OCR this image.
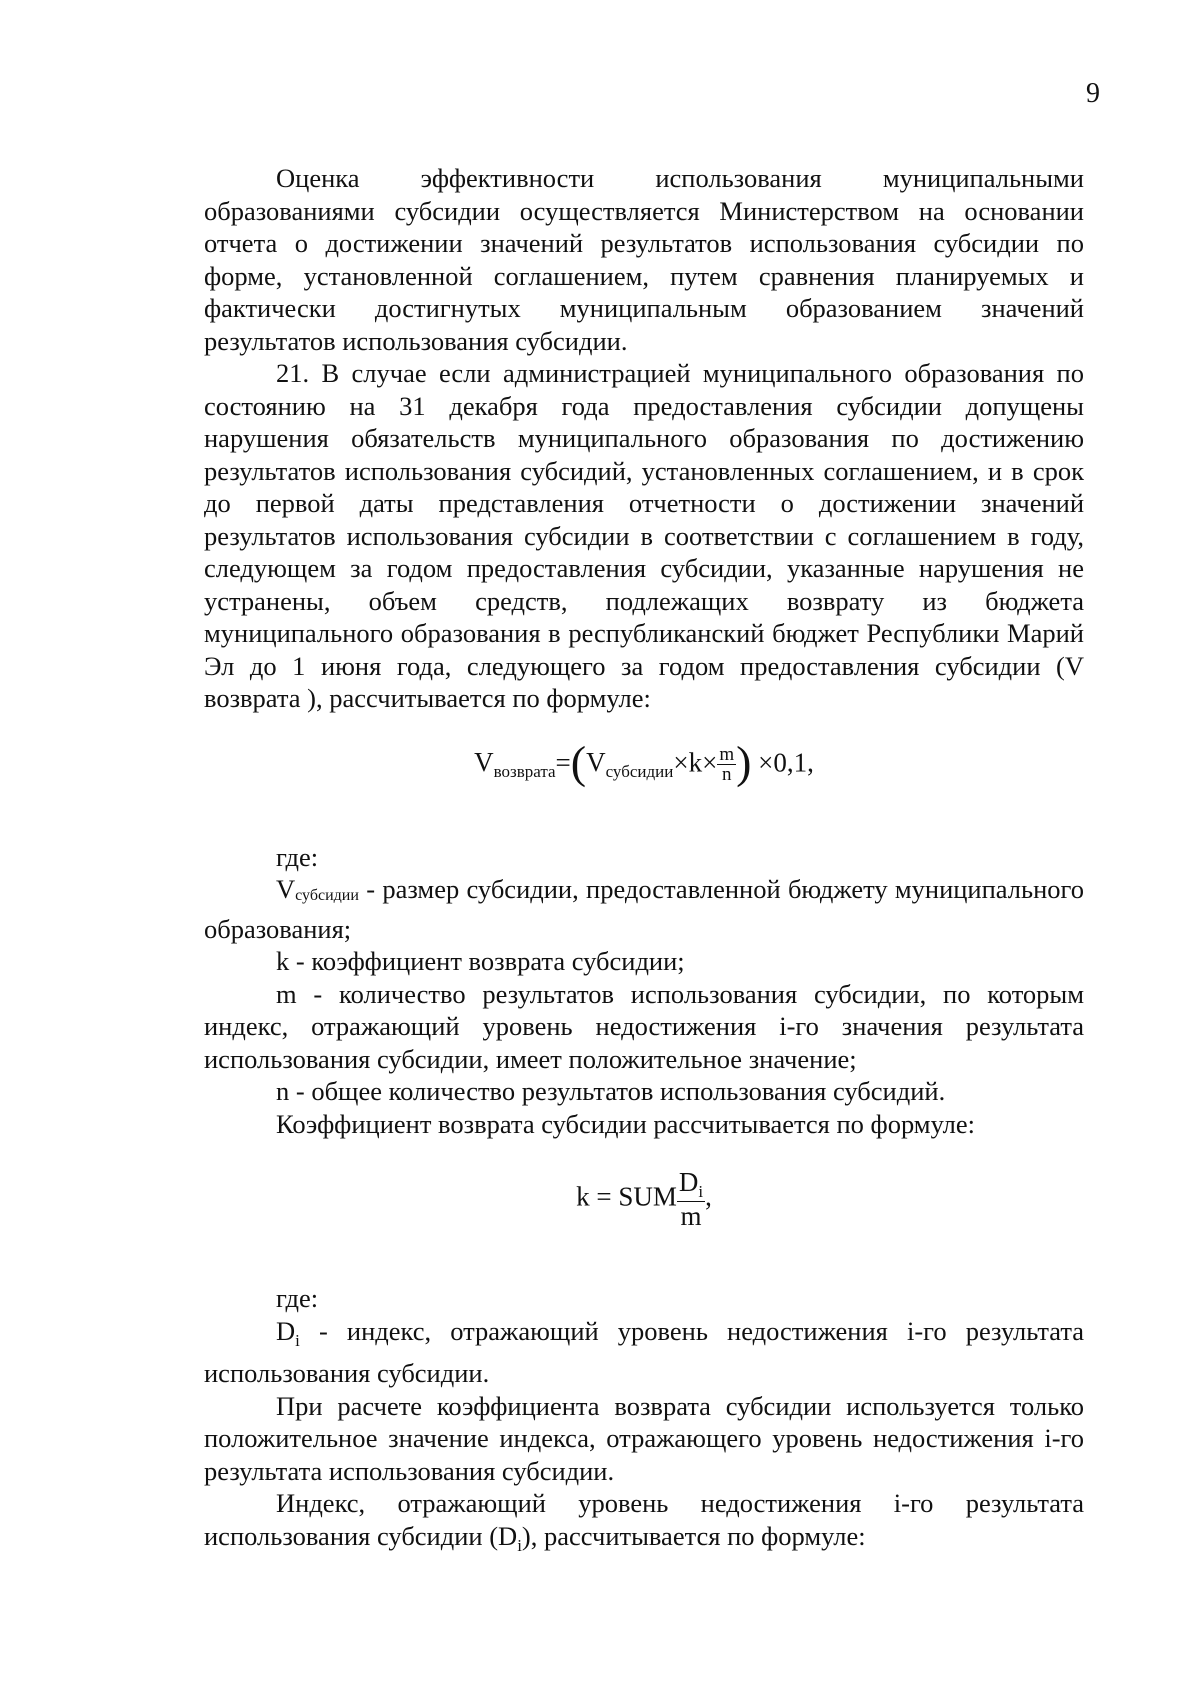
9

Оценка эффективности использования муниципальными образованиями субсидии осуществляется Министерством на основании отчета о достижении значений результатов использования субсидии по форме, установленной соглашением, путем сравнения планируемых и фактически достигнутых муниципальным образованием значений результатов использования субсидии.

21. В случае если администрацией муниципального образования по состоянию на 31 декабря года предоставления субсидии допущены нарушения обязательств муниципального образования по достижению результатов использования субсидий, установленных соглашением, и в срок до первой даты представления отчетности о достижении значений результатов использования субсидии в соответствии с соглашением в году, следующем за годом предоставления субсидии, указанные нарушения не устранены, объем средств, подлежащих возврату из бюджета муниципального образования в республиканский бюджет Республики Марий Эл до 1 июня года, следующего за годом предоставления субсидии (V возврата ), рассчитывается по формуле:

$V_{возврата}=(V_{субсидии}\times k\times \frac{m}{n}$ ) ×0,1,

где:

$V_{субсидии}$ - размер субсидии, предоставленной бюджету муниципального образования;

k - коэффициент возврата субсидии;

m - количество результатов использования субсидии, по которым индекс, отражающий уровень недостижения i-го значения результата использования субсидии, имеет положительное значение;

n - общее количество результатов использования субсидий.

Коэффициент возврата субсидии рассчитывается по формуле:

k = SUM $\frac{D_i}{m}$ ,

где:

$D_i$ - индекс, отражающий уровень недостижения i-го результата использования субсидии.

При расчете коэффициента возврата субсидии используется только положительное значение индекса, отражающего уровень недостижения i-го результата использования субсидии.

Индекс, отражающий уровень недостижения i-го результата использования субсидии $(D_i)$, рассчитывается по формуле:
